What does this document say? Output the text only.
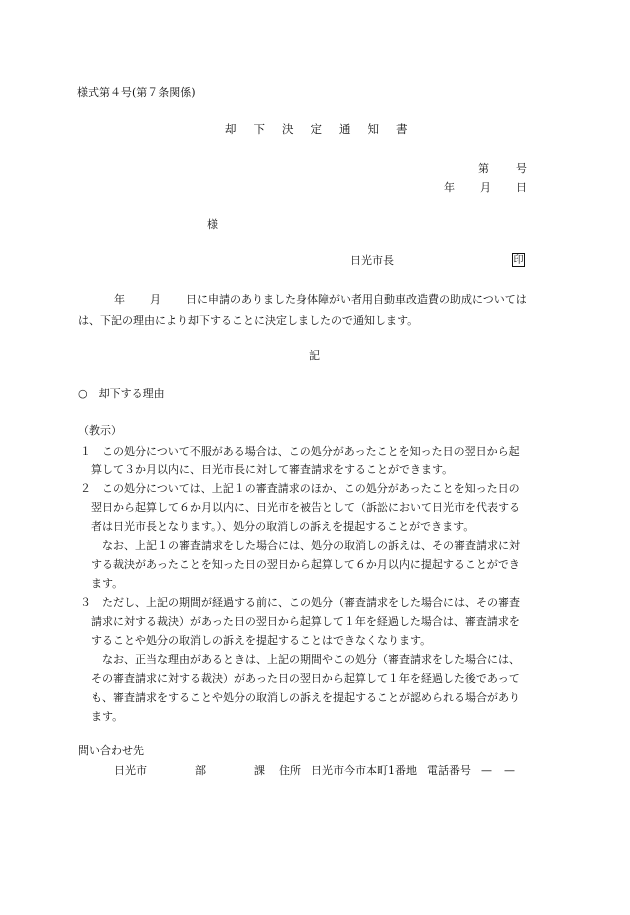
様式第４号(第７条関係)
却 下 決 定 通 知 書
第 号
年 月 日
様
日光市長	印
年 月 日に申請のありました身体障がい者用自動車改造費の助成については
は、下記の理由により却下することに決定しましたので通知します。
記
○　却下する理由
（教示）
１　この処分について不服がある場合は、この処分があったことを知った日の翌日から起
算して３か月以内に、日光市長に対して審査請求をすることができます。
２　この処分については、上記１の審査請求のほか、この処分があったことを知った日の
翌日から起算して６か月以内に、日光市を被告として（訴訟において日光市を代表する
者は日光市長となります。）、処分の取消しの訴えを提起することができます。
なお、上記１の審査請求をした場合には、処分の取消しの訴えは、その審査請求に対
する裁決があったことを知った日の翌日から起算して６か月以内に提起することができ
ます。
３　ただし、上記の期間が経過する前に、この処分（審査請求をした場合には、その審査
請求に対する裁決）があった日の翌日から起算して１年を経過した場合は、審査請求を
することや処分の取消しの訴えを提起することはできなくなります。
なお、正当な理由があるときは、上記の期間やこの処分（審査請求をした場合には、
その審査請求に対する裁決）があった日の翌日から起算して１年を経過した後であって
も、審査請求をすることや処分の取消しの訴えを提起することが認められる場合があり
ます。
問い合わせ先
日光市	部	課 住所 日光市今市本町1番地 電話番号 — —
